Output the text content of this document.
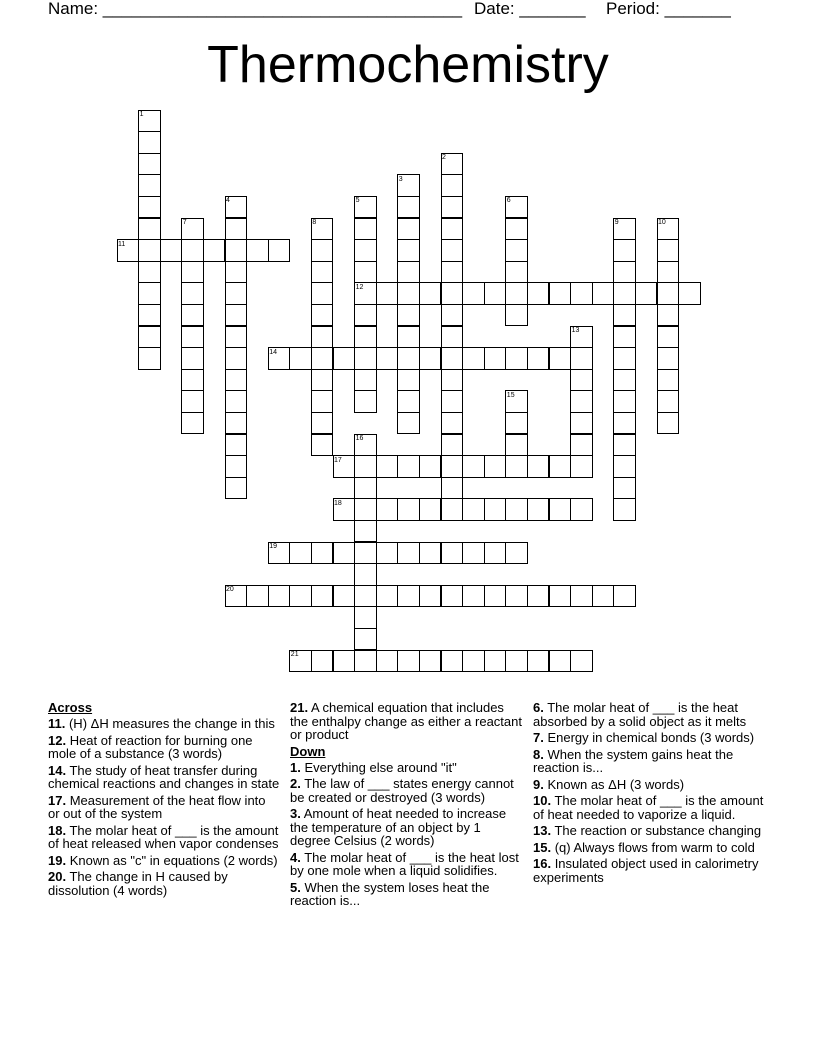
Name: ______________________________________ Date: _______ Period: _______
Thermochemistry
1
2
3
4	5	6
7	8	9	10
11
12
13
14
15
16
17
18
19
20
21
Across
11. (H) ΔH measures the change in this
12. Heat of reaction for burning one mole of a substance (3 words)
14. The study of heat transfer during chemical reactions and changes in state
17. Measurement of the heat flow into or out of the system
18. The molar heat of ___ is the amount of heat released when vapor condenses
19. Known as "c" in equations (2 words)
20. The change in H caused by dissolution (4 words)
21. A chemical equation that includes the enthalpy change as either a reactant or product
Down
1. Everything else around "it"
2. The law of ___ states energy cannot be created or destroyed (3 words)
3. Amount of heat needed to increase the temperature of an object by 1 degree Celsius (2 words)
4. The molar heat of ___ is the heat lost by one mole when a liquid solidifies.
5. When the system loses heat the reaction is...
6. The molar heat of ___ is the heat absorbed by a solid object as it melts
7. Energy in chemical bonds (3 words)
8. When the system gains heat the reaction is...
9. Known as ΔH (3 words)
10. The molar heat of ___ is the amount of heat needed to vaporize a liquid.
13. The reaction or substance changing
15. (q) Always flows from warm to cold
16. Insulated object used in calorimetry experiments
